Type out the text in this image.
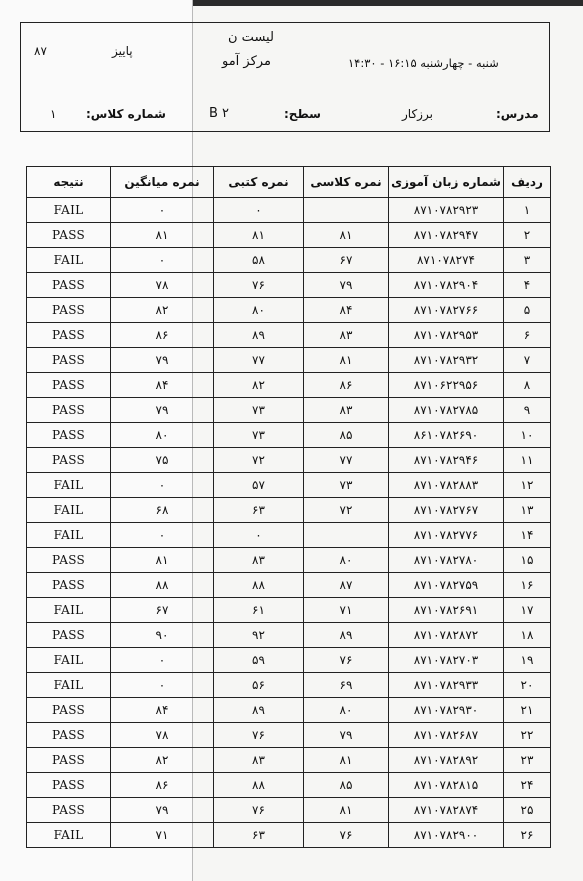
لیست ن
مرکز آمو
پاییز
۸۷
شنبه - چهارشنبه ۱۶:۱۵ - ۱۴:۳۰
مدرس:
برزکار
سطح:
B ۲
شماره کلاس:
۱
ردیف	شماره زبان آموزی	نمره کلاسی	نمره کتبی	نمره میانگین	نتیجه
۱	۸۷۱۰۷۸۲۹۲۳		۰	۰	FAIL
۲	۸۷۱۰۷۸۲۹۴۷	۸۱	۸۱	۸۱	PASS
۳	۸۷۱۰۷۸۲۷۴	۶۷	۵۸	۰	FAIL
۴	۸۷۱۰۷۸۲۹۰۴	۷۹	۷۶	۷۸	PASS
۵	۸۷۱۰۷۸۲۷۶۶	۸۴	۸۰	۸۲	PASS
۶	۸۷۱۰۷۸۲۹۵۳	۸۳	۸۹	۸۶	PASS
۷	۸۷۱۰۷۸۲۹۳۲	۸۱	۷۷	۷۹	PASS
۸	۸۷۱۰۶۲۲۹۵۶	۸۶	۸۲	۸۴	PASS
۹	۸۷۱۰۷۸۲۷۸۵	۸۳	۷۳	۷۹	PASS
۱۰	۸۶۱۰۷۸۲۶۹۰	۸۵	۷۳	۸۰	PASS
۱۱	۸۷۱۰۷۸۲۹۴۶	۷۷	۷۲	۷۵	PASS
۱۲	۸۷۱۰۷۸۲۸۸۳	۷۳	۵۷	۰	FAIL
۱۳	۸۷۱۰۷۸۲۷۶۷	۷۲	۶۳	۶۸	FAIL
۱۴	۸۷۱۰۷۸۲۷۷۶		۰	۰	FAIL
۱۵	۸۷۱۰۷۸۲۷۸۰	۸۰	۸۳	۸۱	PASS
۱۶	۸۷۱۰۷۸۲۷۵۹	۸۷	۸۸	۸۸	PASS
۱۷	۸۷۱۰۷۸۲۶۹۱	۷۱	۶۱	۶۷	FAIL
۱۸	۸۷۱۰۷۸۲۸۷۲	۸۹	۹۲	۹۰	PASS
۱۹	۸۷۱۰۷۸۲۷۰۳	۷۶	۵۹	۰	FAIL
۲۰	۸۷۱۰۷۸۲۹۳۳	۶۹	۵۶	۰	FAIL
۲۱	۸۷۱۰۷۸۲۹۳۰	۸۰	۸۹	۸۴	PASS
۲۲	۸۷۱۰۷۸۲۶۸۷	۷۹	۷۶	۷۸	PASS
۲۳	۸۷۱۰۷۸۲۸۹۲	۸۱	۸۳	۸۲	PASS
۲۴	۸۷۱۰۷۸۲۸۱۵	۸۵	۸۸	۸۶	PASS
۲۵	۸۷۱۰۷۸۲۸۷۴	۸۱	۷۶	۷۹	PASS
۲۶	۸۷۱۰۷۸۲۹۰۰	۷۶	۶۳	۷۱	FAIL
